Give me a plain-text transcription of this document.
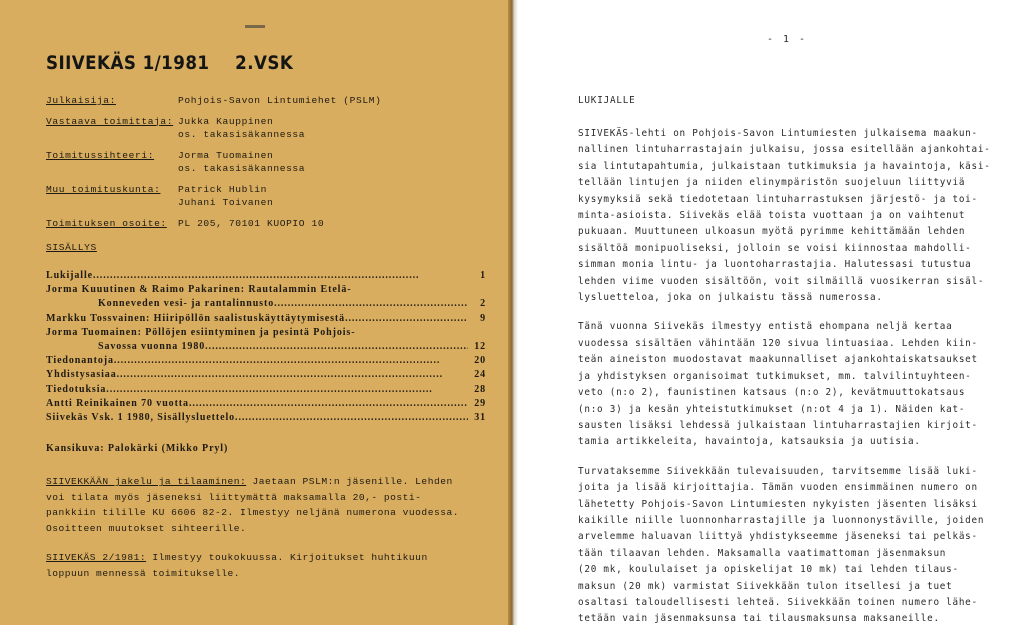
SIIVEKÄS 1/1981 2.VSK
Julkaisija:	Pohjois-Savon Lintumiehet (PSLM)
Vastaava toimittaja: Jukka Kauppinen
os. takasisäkannessa
Toimitussihteeri:	Jorma Tuomainen
os. takasisäkannessa
Muu toimituskunta:	Patrick Hublin
Juhani Toivanen
Toimituksen osoite:	PL 205, 70101 KUOPIO 10
SISÄLLYS
Lukijalle .....	1
Jorma Kuuutinen & Raimo Pakarinen: Rautalammin Etelä-
Konneveden vesi- ja rantalinnusto .....	2
Markku Tossvainen: Hiiripöllön saalistuskäyttäytymisestä .....	9
Jorma Tuomainen: Pöllöjen esiintyminen ja pesintä Pohjois-
Savossa vuonna 1980 .....	12
Tiedonantoja .....	20
Yhdistysasiaa .....	24
Tiedotuksia .....	28
Antti Reinikainen 70 vuotta .....	29
Siivekäs Vsk. 1 1980, Sisällysluettelo .....	31
Kansikuva: Palokärki (Mikko Pryl)
SIIVEKKÄÄN jakelu ja tilaaminen: Jaetaan PSLM:n jäsenille. Lehden
voi tilata myös jäseneksi liittymättä maksamalla 20,- posti-
pankkiin tilille KU 6606 82-2. Ilmestyy neljänä numerona vuodessa.
Osoitteen muutokset sihteerille.
SIIVEKÄS 2/1981: Ilmestyy toukokuussa. Kirjoitukset huhtikuun
loppuun mennessä toimitukselle.
- 1 -
LUKIJALLE
SIIVEKÄS-lehti on Pohjois-Savon Lintumiesten julkaisema maakun-
nallinen lintuharrastajain julkaisu, jossa esitellään ajankohtai-
sia lintutapahtumia, julkaistaan tutkimuksia ja havaintoja, käsi-
tellään lintujen ja niiden elinympäristön suojeluun liittyviä
kysymyksiä sekä tiedotetaan lintuharrastuksen järjestö- ja toi-
minta-asioista. Siivekäs elää toista vuottaan ja on vaihtenut
pukuaan. Muuttuneen ulkoasun myötä pyrimme kehittämään lehden
sisältöä monipuoliseksi, jolloin se voisi kiinnostaa mahdolli-
simman monia lintu- ja luontoharrastajia. Halutessasi tutustua
lehden viime vuoden sisältöön, voit silmäillä vuosikerran sisäl-
lysluetteloa, joka on julkaistu tässä numerossa.
Tänä vuonna Siivekäs ilmestyy entistä ehompana neljä kertaa
vuodessa sisältäen vähintään 120 sivua lintuasiaa. Lehden kiin-
teän aineiston muodostavat maakunnalliset ajankohtaiskatsaukset
ja yhdistyksen organisoimat tutkimukset, mm. talvilintuyhteen-
veto (n:o 2), faunistinen katsaus (n:o 2), kevätmuuttokatsaus
(n:o 3) ja kesän yhteistutkimukset (n:ot 4 ja 1). Näiden kat-
sausten lisäksi lehdessä julkaistaan lintuharrastajien kirjoit-
tamia artikkeleita, havaintoja, katsauksia ja uutisia.
Turvataksemme Siivekkään tulevaisuuden, tarvitsemme lisää luki-
joita ja lisää kirjoittajia. Tämän vuoden ensimmäinen numero on
lähetetty Pohjois-Savon Lintumiesten nykyisten jäsenten lisäksi
kaikille niille luonnonharrastajille ja luonnonystäville, joiden
arvelemme haluavan liittyä yhdistykseemme jäseneksi tai pelkäs-
tään tilaavan lehden. Maksamalla vaatimattoman jäsenmaksun
(20 mk, koululaiset ja opiskelijat 10 mk) tai lehden tilaus-
maksun (20 mk) varmistat Siivekkään tulon itsellesi ja tuet
osaltasi taloudellisesti lehteä. Siivekkään toinen numero lähe-
tetään vain jäsenmaksunsa tai tilausmaksunsa maksaneille.
